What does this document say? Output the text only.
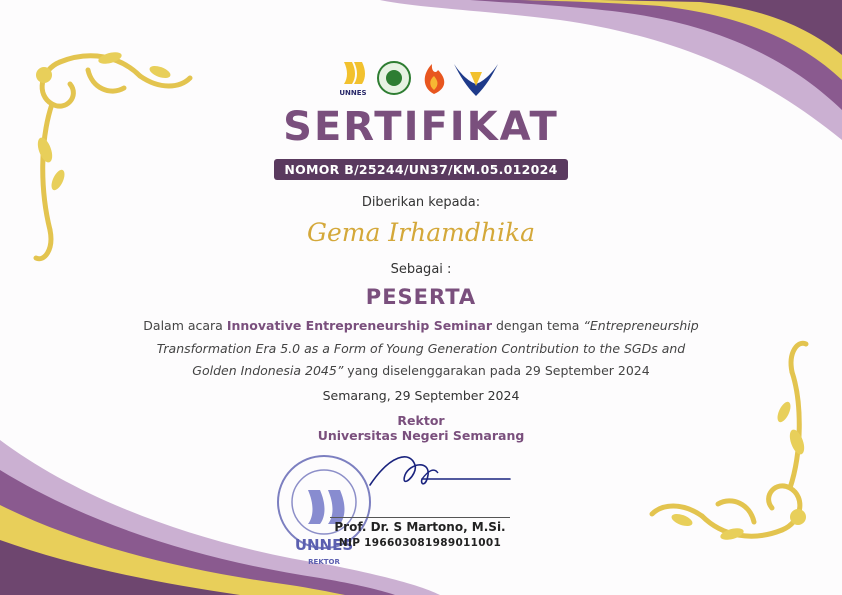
UNNES
SERTIFIKAT
NOMOR B/25244/UN37/KM.05.012024
Diberikan kepada:
Gema Irhamdhika
Sebagai :
PESERTA
Dalam acara Innovative Entrepreneurship Seminar dengan tema “Entrepreneurship
Transformation Era 5.0 as a Form of Young Generation Contribution to the SGDs and
Golden Indonesia 2045” yang diselenggarakan pada 29 September 2024
Semarang, 29 September 2024
Rektor
Universitas Negeri Semarang
UNNES
REKTOR
Prof. Dr. S Martono, M.Si.
NIP 196603081989011001
